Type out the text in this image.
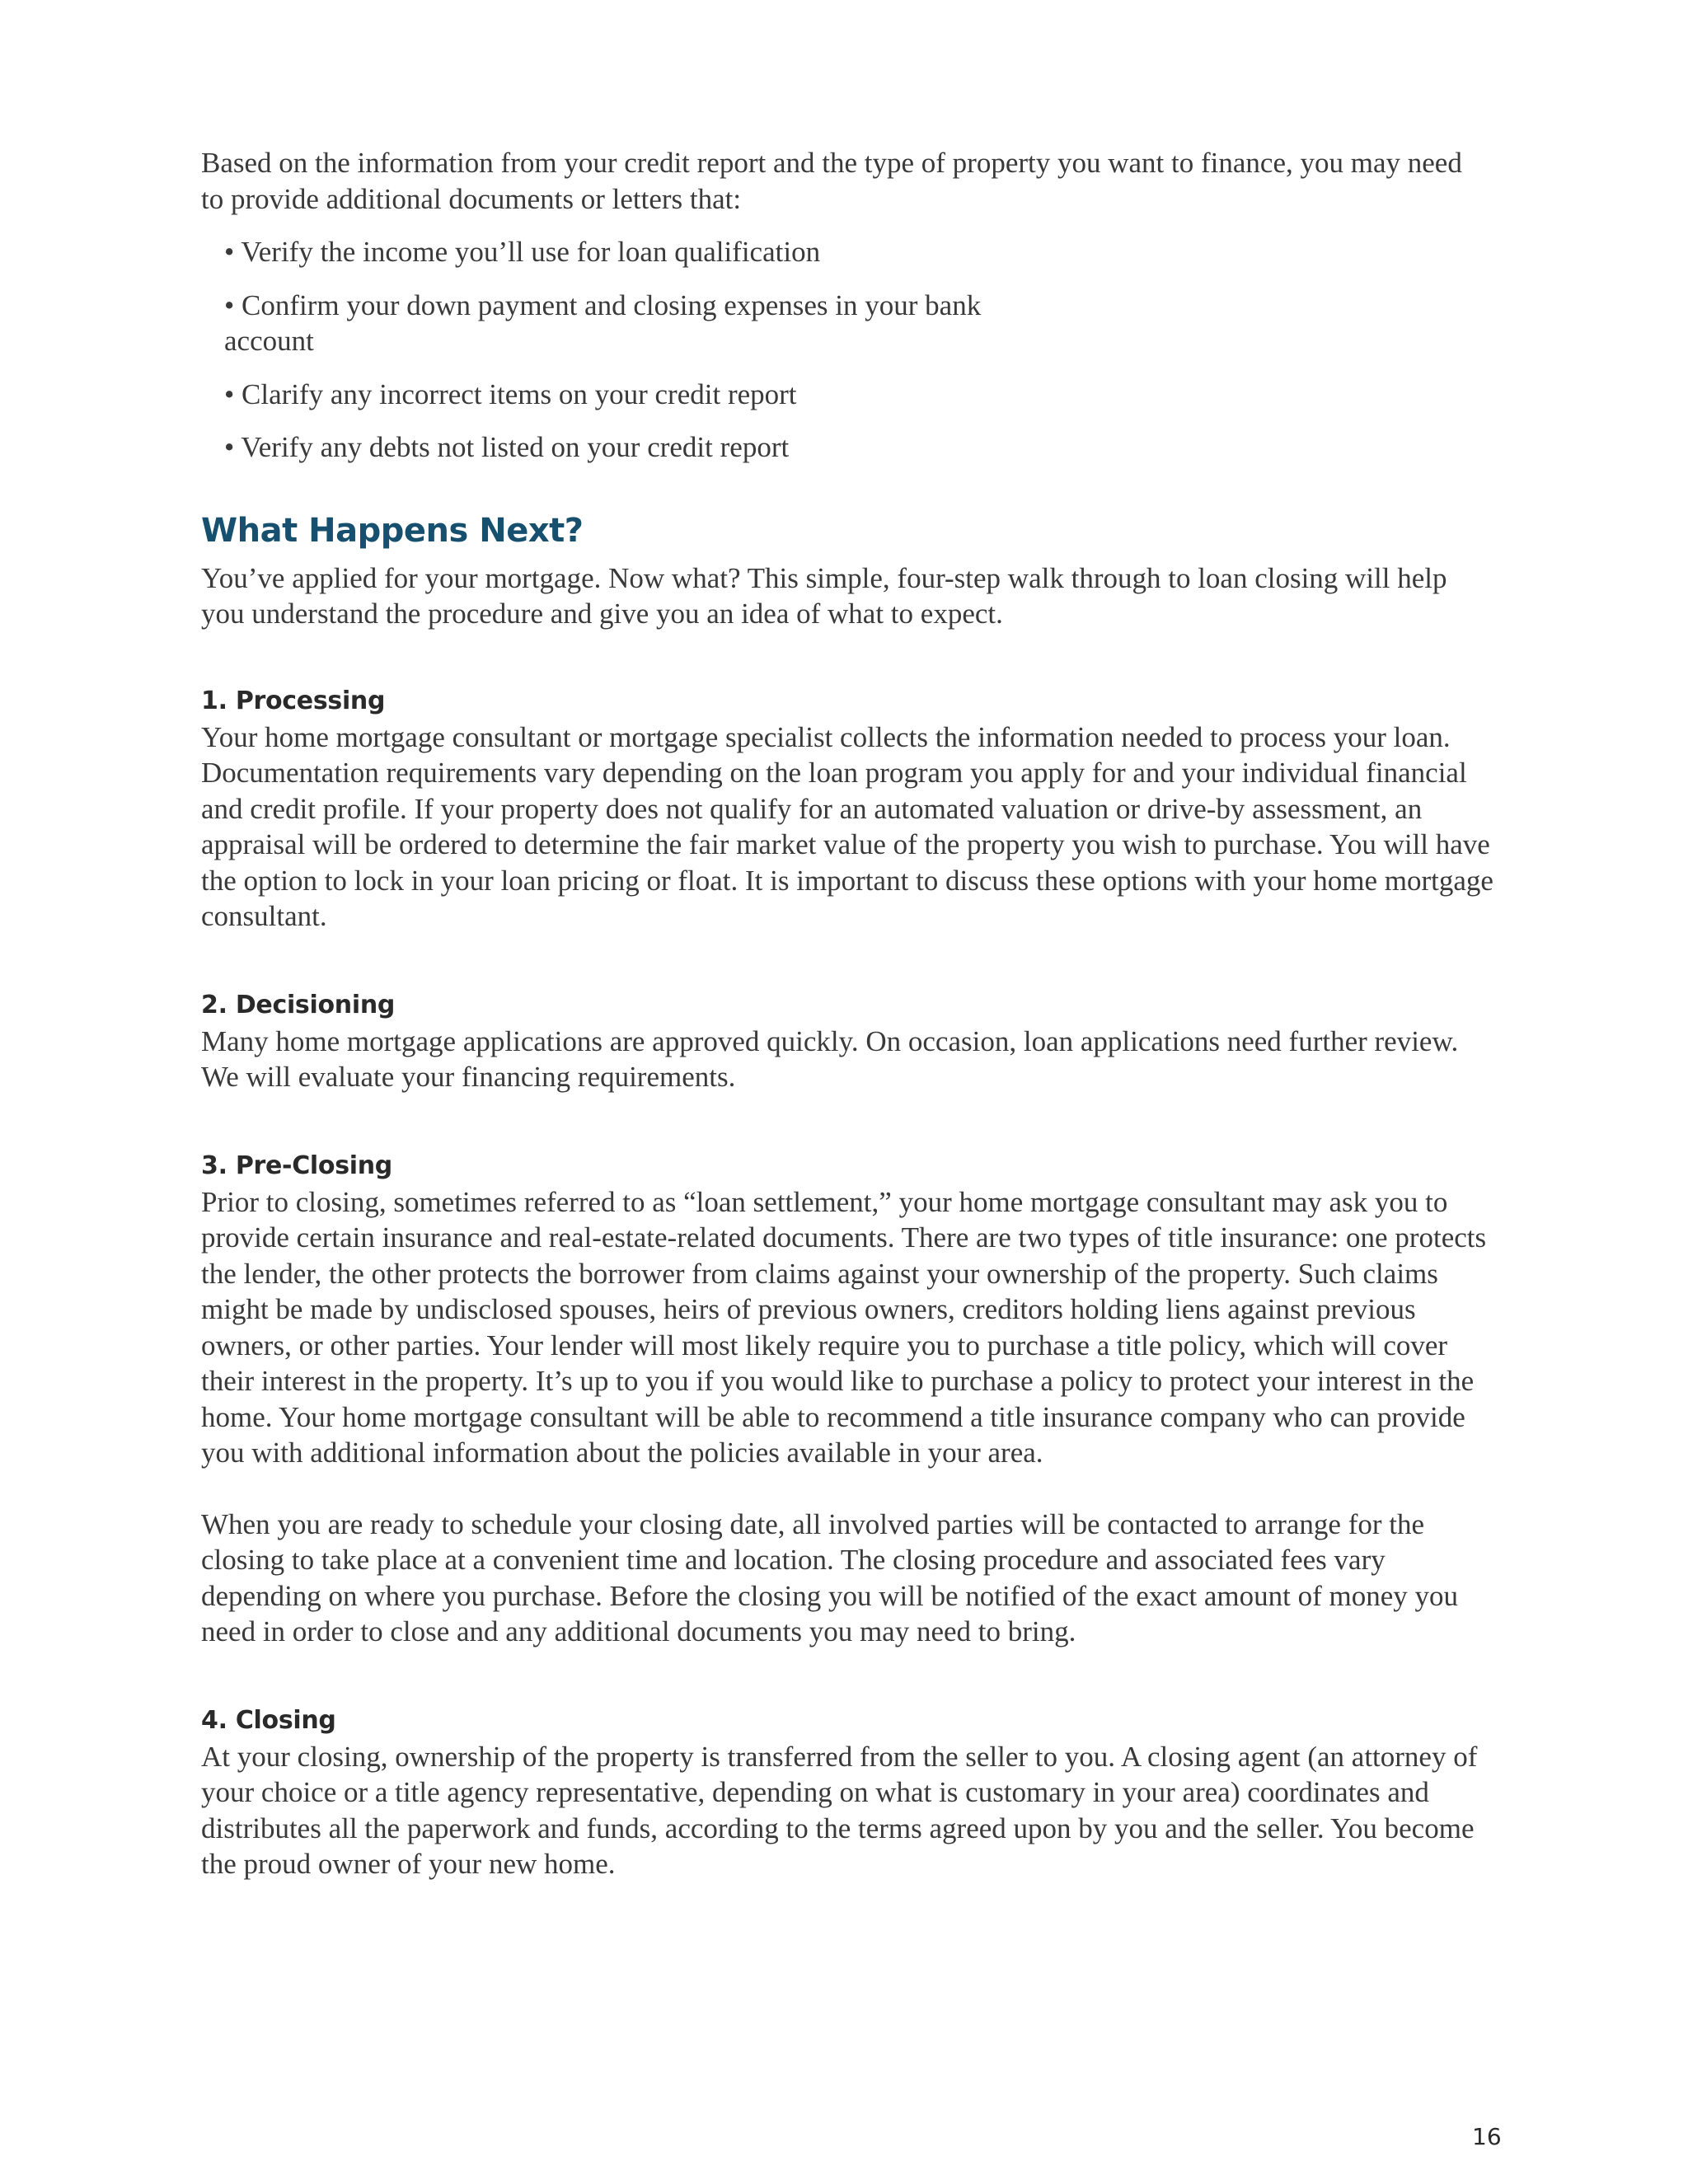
Based on the information from your credit report and the type of property you want to finance, you may need to provide additional documents or letters that:

• Verify the income you’ll use for loan qualification
• Confirm your down payment and closing expenses in your bank account
• Clarify any incorrect items on your credit report
• Verify any debts not listed on your credit report
What Happens Next?

You’ve applied for your mortgage. Now what? This simple, four-step walk through to loan closing will help you understand the procedure and give you an idea of what to expect.

1. Processing

Your home mortgage consultant or mortgage specialist collects the information needed to process your loan. Documentation requirements vary depending on the loan program you apply for and your individual financial and credit profile. If your property does not qualify for an automated valuation or drive-by assessment, an appraisal will be ordered to determine the fair market value of the property you wish to purchase. You will have the option to lock in your loan pricing or float. It is important to discuss these options with your home mortgage consultant.

2. Decisioning

Many home mortgage applications are approved quickly. On occasion, loan applications need further review. We will evaluate your financing requirements.

3. Pre-Closing

Prior to closing, sometimes referred to as “loan settlement,” your home mortgage consultant may ask you to provide certain insurance and real-estate-related documents. There are two types of title insurance: one protects the lender, the other protects the borrower from claims against your ownership of the property. Such claims might be made by undisclosed spouses, heirs of previous owners, creditors holding liens against previous owners, or other parties. Your lender will most likely require you to purchase a title policy, which will cover their interest in the property. It’s up to you if you would like to purchase a policy to protect your interest in the home. Your home mortgage consultant will be able to recommend a title insurance company who can provide you with additional information about the policies available in your area.

When you are ready to schedule your closing date, all involved parties will be contacted to arrange for the closing to take place at a convenient time and location. The closing procedure and associated fees vary depending on where you purchase. Before the closing you will be notified of the exact amount of money you need in order to close and any additional documents you may need to bring.

4. Closing

At your closing, ownership of the property is transferred from the seller to you. A closing agent (an attorney of your choice or a title agency representative, depending on what is customary in your area) coordinates and distributes all the paperwork and funds, according to the terms agreed upon by you and the seller. You become the proud owner of your new home.

16
